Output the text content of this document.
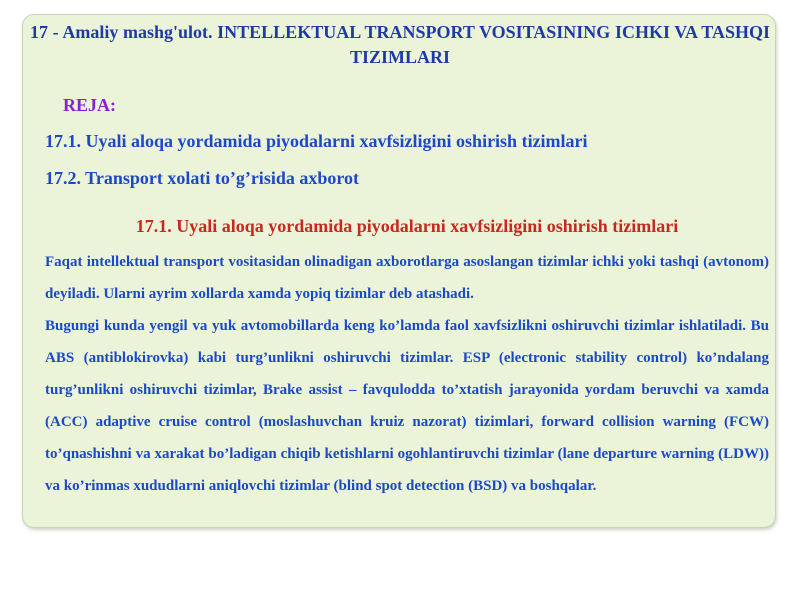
17 - Amaliy mashg'ulot. INTELLEKTUAL TRANSPORT VOSITASINING ICHKI VA TASHQI TIZIMLARI
REJA:
17.1. Uyali aloqa yordamida piyodalarni xavfsizligini oshirish tizimlari
17.2. Transport xolati to’g’risida axborot
17.1. Uyali aloqa yordamida piyodalarni xavfsizligini oshirish tizimlari

Faqat intellektual transport vositasidan olinadigan axborotlarga asoslangan tizimlar ichki yoki tashqi (avtonom) deyiladi. Ularni ayrim xollarda xamda yopiq tizimlar deb atashadi.

Bugungi kunda yengil va yuk avtomobillarda keng ko’lamda faol xavfsizlikni oshiruvchi tizimlar ishlatiladi. Bu ABS (antiblokirovka) kabi turg’unlikni oshiruvchi tizimlar. ESP (electronic stability control) ko’ndalang turg’unlikni oshiruvchi tizimlar, Brake assist – favqulodda to’xtatish jarayonida yordam beruvchi va xamda (ACC) adaptive cruise control (moslashuvchan kruiz nazorat) tizimlari, forward collision warning (FCW) to’qnashishni va xarakat bo’ladigan chiqib ketishlarni ogohlantiruvchi tizimlar (lane departure warning (LDW)) va ko’rinmas xududlarni aniqlovchi tizimlar (blind spot detection (BSD) va boshqalar.
